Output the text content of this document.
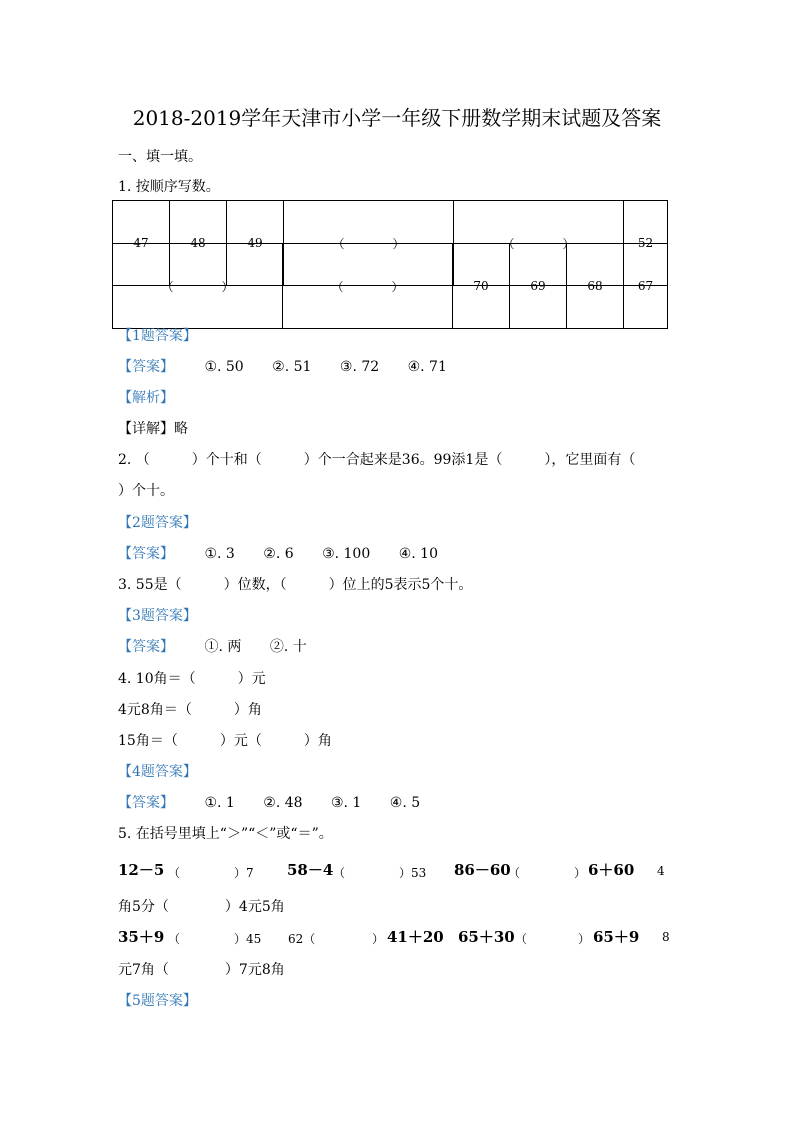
2018-2019学年天津市小学一年级下册数学期末试题及答案
一、填一填。
1. 按顺序写数。
47	48	49	（　　　　）	（　　　　）	52
（　　　　）	（　　　　）	70	69	68	67
【1题答案】
【答案】 ①. 50 ②. 51 ③. 72 ④. 71
【解析】
【详解】略
2. （　　　）个十和（　　　）个一合起来是36。99添1是（　　　），它里面有（
）个十。
【2题答案】
【答案】 ①. 3 ②. 6 ③. 100 ④. 10
3. 55是（　　　）位数，（　　　）位上的5表示5个十。
【3题答案】
【答案】 ①. 两 ②. 十
4. 10角＝（　　　）元
4元8角＝（　　　）角
15角＝（　　　）元（　　　）角
【4题答案】
【答案】 ①. 1 ②. 48 ③. 1 ④. 5
5. 在括号里填上“＞”“＜”或“＝”。
12－5 （	）7 58－4 （	）53 86－60
（	） 6＋60 4
角5分（　　　　）4元5角
35＋9 （	）45 62（	） 41＋20 65＋30 （	） 65＋9 8
元7角（　　　　）7元8角
【5题答案】
